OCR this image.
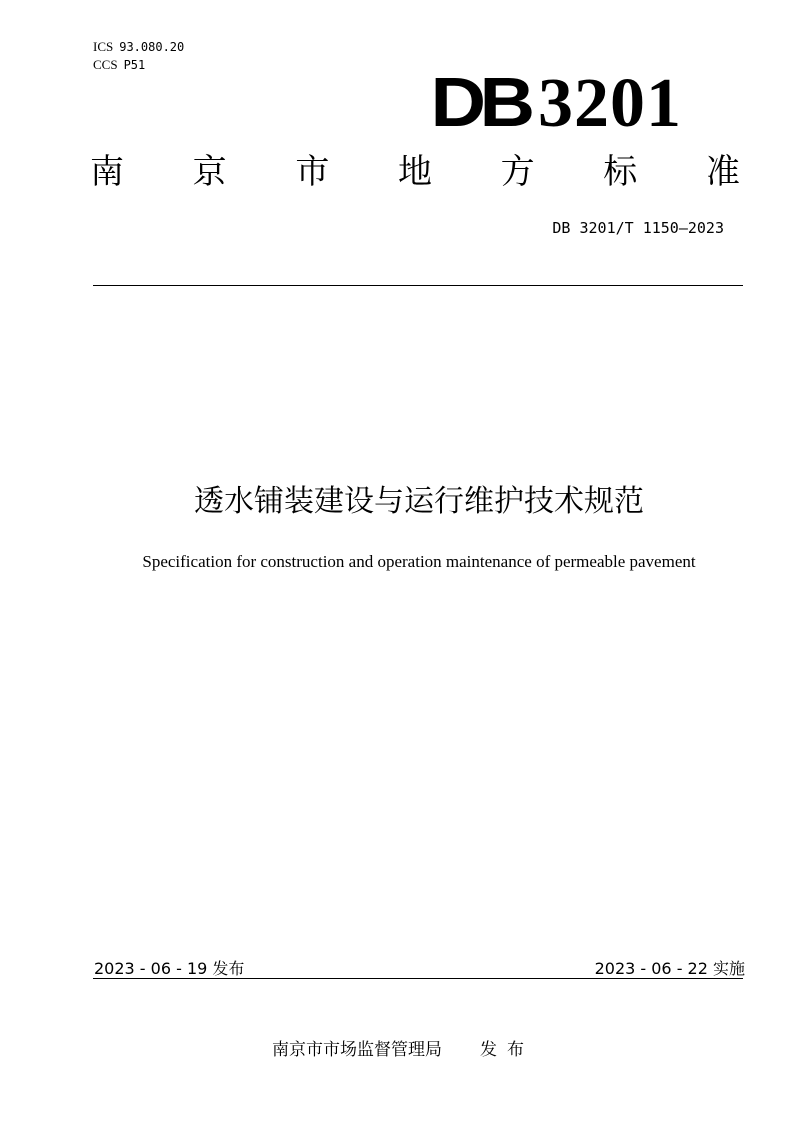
ICS 93.080.20
CCS P51	DB 3201
南 京 市 地 方 标 准
DB 3201/T 1150—2023
透水铺装建设与运行维护技术规范
Specification for construction and operation maintenance of permeable pavement
2023 - 06 - 19 发布	2023 - 06 - 22 实施
南京市市场监督管理局 发布
